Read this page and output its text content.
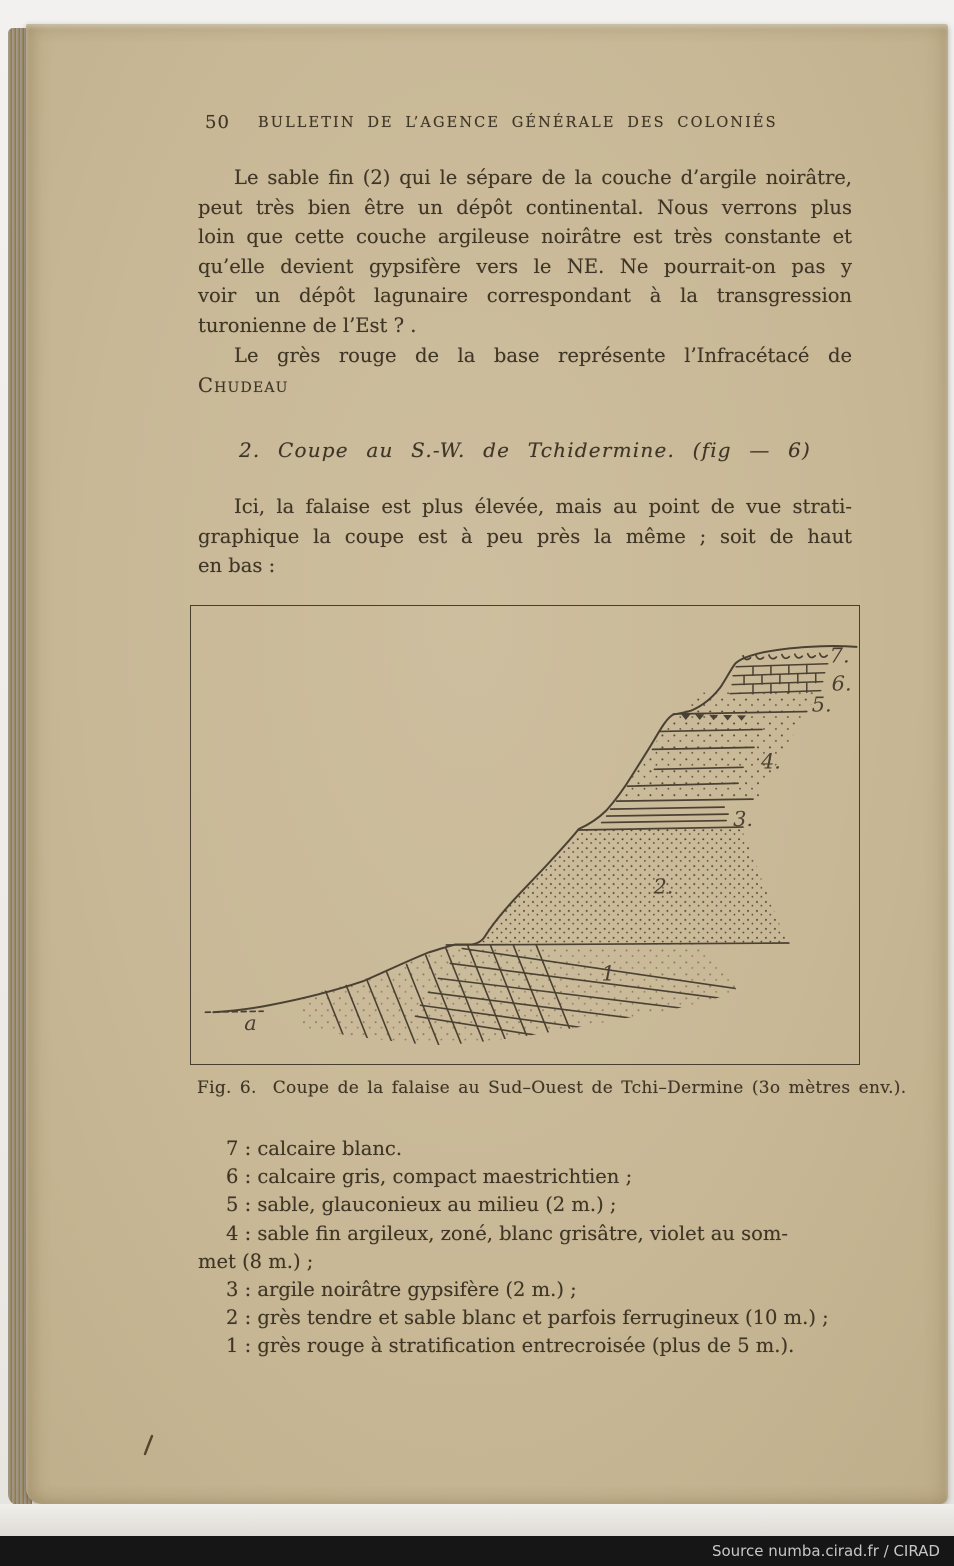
50 BULLETIN DE L’AGENCE GÉNÉRALE DES COLONIÉS
Le sable fin (2) qui le sépare de la couche d’argile noirâtre,
peut très bien être un dépôt continental. Nous verrons plus
loin que cette couche argileuse noirâtre est très constante et
qu’elle devient gypsifère vers le NE. Ne pourrait-on pas y
voir un dépôt lagunaire correspondant à la transgression
turonienne de l’Est ? .
Le grès rouge de la base représente l’Infracétacé de
Chudeau
2. Coupe au S.-W. de Tchidermine. (fig — 6)
Ici, la falaise est plus élevée, mais au point de vue strati-
graphique la coupe est à peu près la même ; soit de haut
en bas :
7.
6.
5.
4.
3.
2.
1
a
Fig. 6. Coupe de la falaise au Sud–Ouest de Tchi–Dermine (3o mètres env.).
7 : calcaire blanc.
6 : calcaire gris, compact maestrichtien ;
5 : sable, glauconieux au milieu (2 m.) ;
4 : sable fin argileux, zoné, blanc grisâtre, violet au som-
met (8 m.) ;
3 : argile noirâtre gypsifère (2 m.) ;
2 : grès tendre et sable blanc et parfois ferrugineux (10 m.) ;
1 : grès rouge à stratification entrecroisée (plus de 5 m.).
Source numba.cirad.fr / CIRAD
